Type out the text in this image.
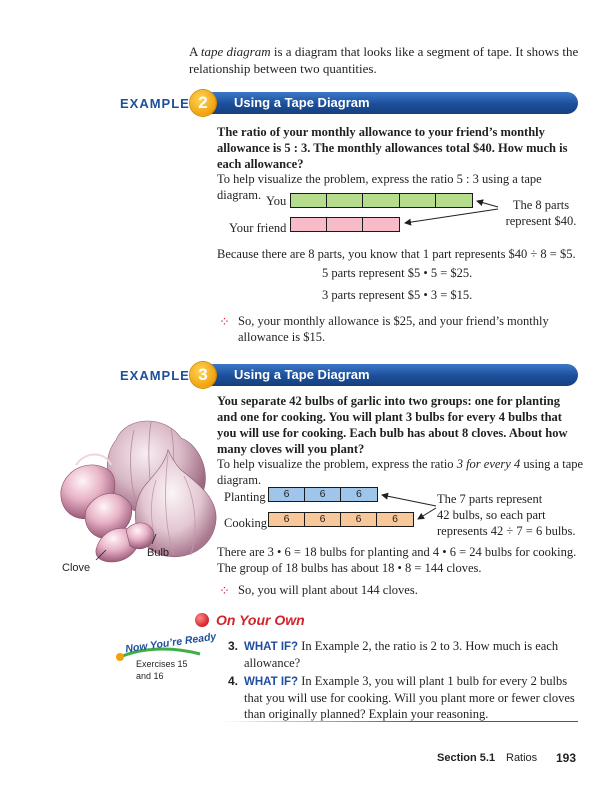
A tape diagram is a diagram that looks like a segment of tape. It shows the relationship between two quantities.
EXAMPLE	Using a Tape Diagram
2
The ratio of your monthly allowance to your friend’s monthly allowance is 5 : 3. The monthly allowances total $40. How much is each allowance?
To help visualize the problem, express the ratio 5 : 3 using a tape diagram. You
Your friend
The 8 parts
represent $40.
Because there are 8 parts, you know that 1 part represents $40 ÷ 8 = $5.
5 parts represent $5 • 5 = $25.
3 parts represent $5 • 3 = $15.
⁘ So, your monthly allowance is $25, and your friend’s monthly allowance is $15.
EXAMPLE	Using a Tape Diagram
3
You separate 42 bulbs of garlic into two groups: one for planting and one for cooking. You will plant 3 bulbs for every 4 bulbs that you will use for cooking. Each bulb has about 8 cloves. About how many cloves will you plant?
To help visualize the problem, express the ratio 3 for every 4 using a tape diagram.
Bulb
Clove
Planting	6	6	6
Cooking	6	6	6	6
The 7 parts represent
42 bulbs, so each part
represents 42 ÷ 7 = 6 bulbs.
There are 3 • 6 = 18 bulbs for planting and 4 • 6 = 24 bulbs for cooking.
The group of 18 bulbs has about 18 • 8 = 144 cloves.
⁘ So, you will plant about 144 cloves.
On Your Own
Now You’re Ready
Exercises 15
and 16
3. WHAT IF? In Example 2, the ratio is 2 to 3. How much is each allowance?
4. WHAT IF? In Example 3, you will plant 1 bulb for every 2 bulbs that you will use for cooking. Will you plant more or fewer cloves than originally planned? Explain your reasoning.
Section 5.1 Ratios 193
